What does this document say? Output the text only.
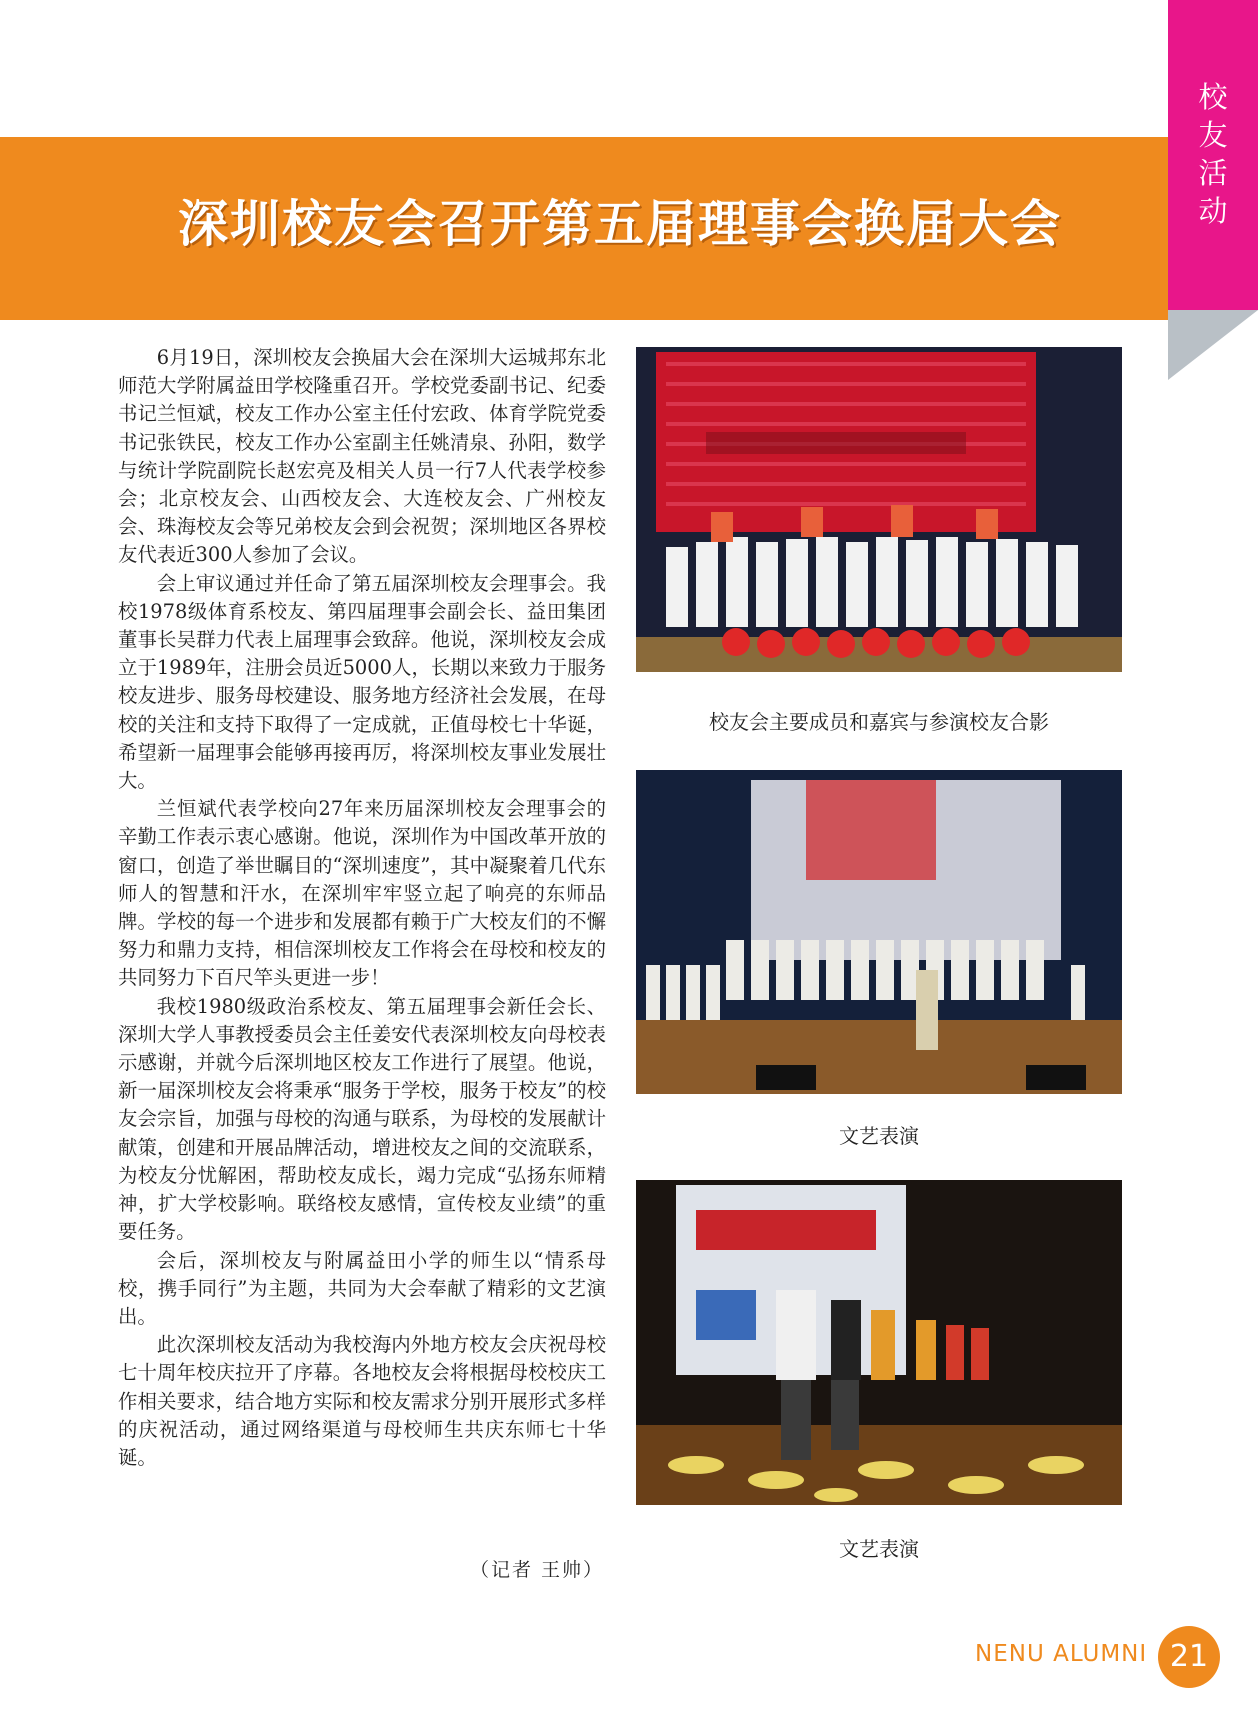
深圳校友会召开第五届理事会换届大会
校
友
活
动

6月19日，深圳校友会换届大会在深圳大运城邦东北师范大学附属益田学校隆重召开。学校党委副书记、纪委书记兰恒斌，校友工作办公室主任付宏政、体育学院党委书记张铁民，校友工作办公室副主任姚清泉、孙阳，数学与统计学院副院长赵宏亮及相关人员一行7人代表学校参会；北京校友会、山西校友会、大连校友会、广州校友会、珠海校友会等兄弟校友会到会祝贺；深圳地区各界校友代表近300人参加了会议。

会上审议通过并任命了第五届深圳校友会理事会。我校1978级体育系校友、第四届理事会副会长、益田集团董事长吴群力代表上届理事会致辞。他说，深圳校友会成立于1989年，注册会员近5000人，长期以来致力于服务校友进步、服务母校建设、服务地方经济社会发展，在母校的关注和支持下取得了一定成就，正值母校七十华诞，希望新一届理事会能够再接再厉，将深圳校友事业发展壮大。

兰恒斌代表学校向27年来历届深圳校友会理事会的辛勤工作表示衷心感谢。他说，深圳作为中国改革开放的窗口，创造了举世瞩目的“深圳速度”，其中凝聚着几代东师人的智慧和汗水，在深圳牢牢竖立起了响亮的东师品牌。学校的每一个进步和发展都有赖于广大校友们的不懈努力和鼎力支持，相信深圳校友工作将会在母校和校友的共同努力下百尺竿头更进一步！

我校1980级政治系校友、第五届理事会新任会长、深圳大学人事教授委员会主任姜安代表深圳校友向母校表示感谢，并就今后深圳地区校友工作进行了展望。他说，新一届深圳校友会将秉承“服务于学校，服务于校友”的校友会宗旨，加强与母校的沟通与联系，为母校的发展献计献策，创建和开展品牌活动，增进校友之间的交流联系，为校友分忧解困，帮助校友成长，竭力完成“弘扬东师精神，扩大学校影响。联络校友感情，宣传校友业绩”的重要任务。

会后，深圳校友与附属益田小学的师生以“情系母校，携手同行”为主题，共同为大会奉献了精彩的文艺演出。

此次深圳校友活动为我校海内外地方校友会庆祝母校七十周年校庆拉开了序幕。各地校友会将根据母校校庆工作相关要求，结合地方实际和校友需求分别开展形式多样的庆祝活动，通过网络渠道与母校师生共庆东师七十华诞。

（记者 王帅）
校友会主要成员和嘉宾与参演校友合影
文艺表演
文艺表演
NENU ALUMNI 21
